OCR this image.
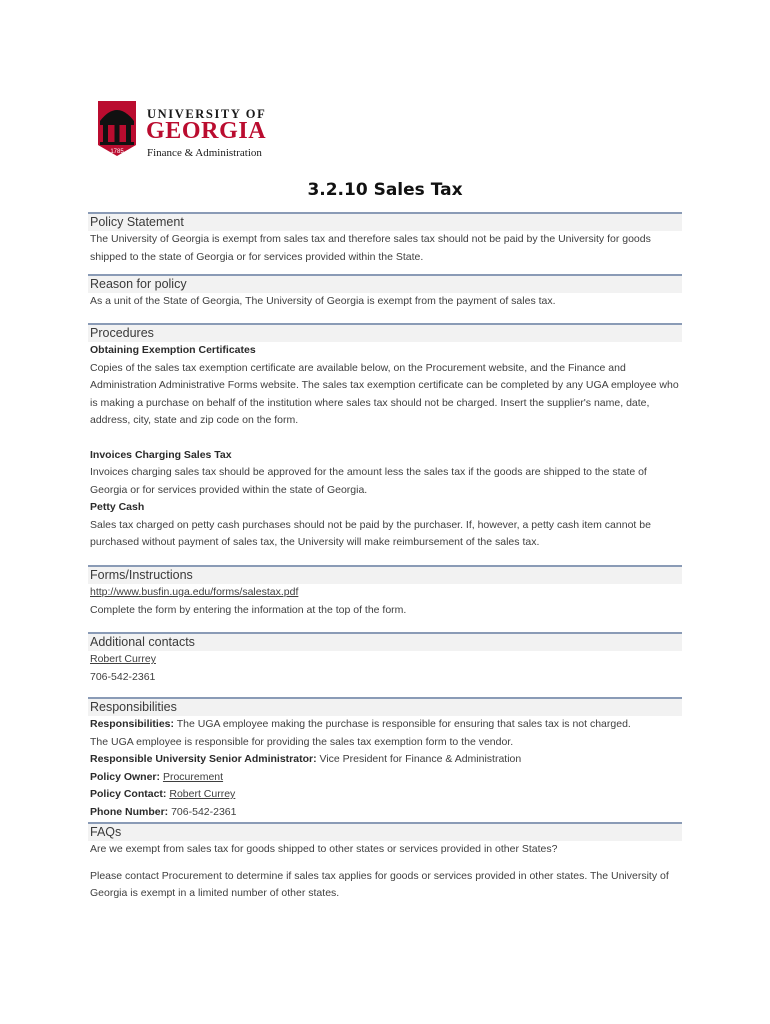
1785
UNIVERSITY OF
GEORGIA
Finance & Administration
3.2.10 Sales Tax
Policy Statement
The University of Georgia is exempt from sales tax and therefore sales tax should not be paid by the University for goods shipped to the state of Georgia or for services provided within the State.
Reason for policy
As a unit of the State of Georgia, The University of Georgia is exempt from the payment of sales tax.
Procedures
Obtaining Exemption Certificates
Copies of the sales tax exemption certificate are available below, on the Procurement website, and the Finance and Administration Administrative Forms website. The sales tax exemption certificate can be completed by any UGA employee who is making a purchase on behalf of the institution where sales tax should not be charged. Insert the supplier's name, date, address, city, state and zip code on the form.
Invoices Charging Sales Tax
Invoices charging sales tax should be approved for the amount less the sales tax if the goods are shipped to the state of Georgia or for services provided within the state of Georgia.
Petty Cash
Sales tax charged on petty cash purchases should not be paid by the purchaser. If, however, a petty cash item cannot be purchased without payment of sales tax, the University will make reimbursement of the sales tax.
Forms/Instructions
http://www.busfin.uga.edu/forms/salestax.pdf
Complete the form by entering the information at the top of the form.
Additional contacts
Robert Currey
706-542-2361
Responsibilities
Responsibilities: The UGA employee making the purchase is responsible for ensuring that sales tax is not charged.
The UGA employee is responsible for providing the sales tax exemption form to the vendor.
Responsible University Senior Administrator: Vice President for Finance & Administration
Policy Owner: Procurement
Policy Contact: Robert Currey
Phone Number: 706-542-2361
FAQs
Are we exempt from sales tax for goods shipped to other states or services provided in other States?
Please contact Procurement to determine if sales tax applies for goods or services provided in other states. The University of Georgia is exempt in a limited number of other states.
